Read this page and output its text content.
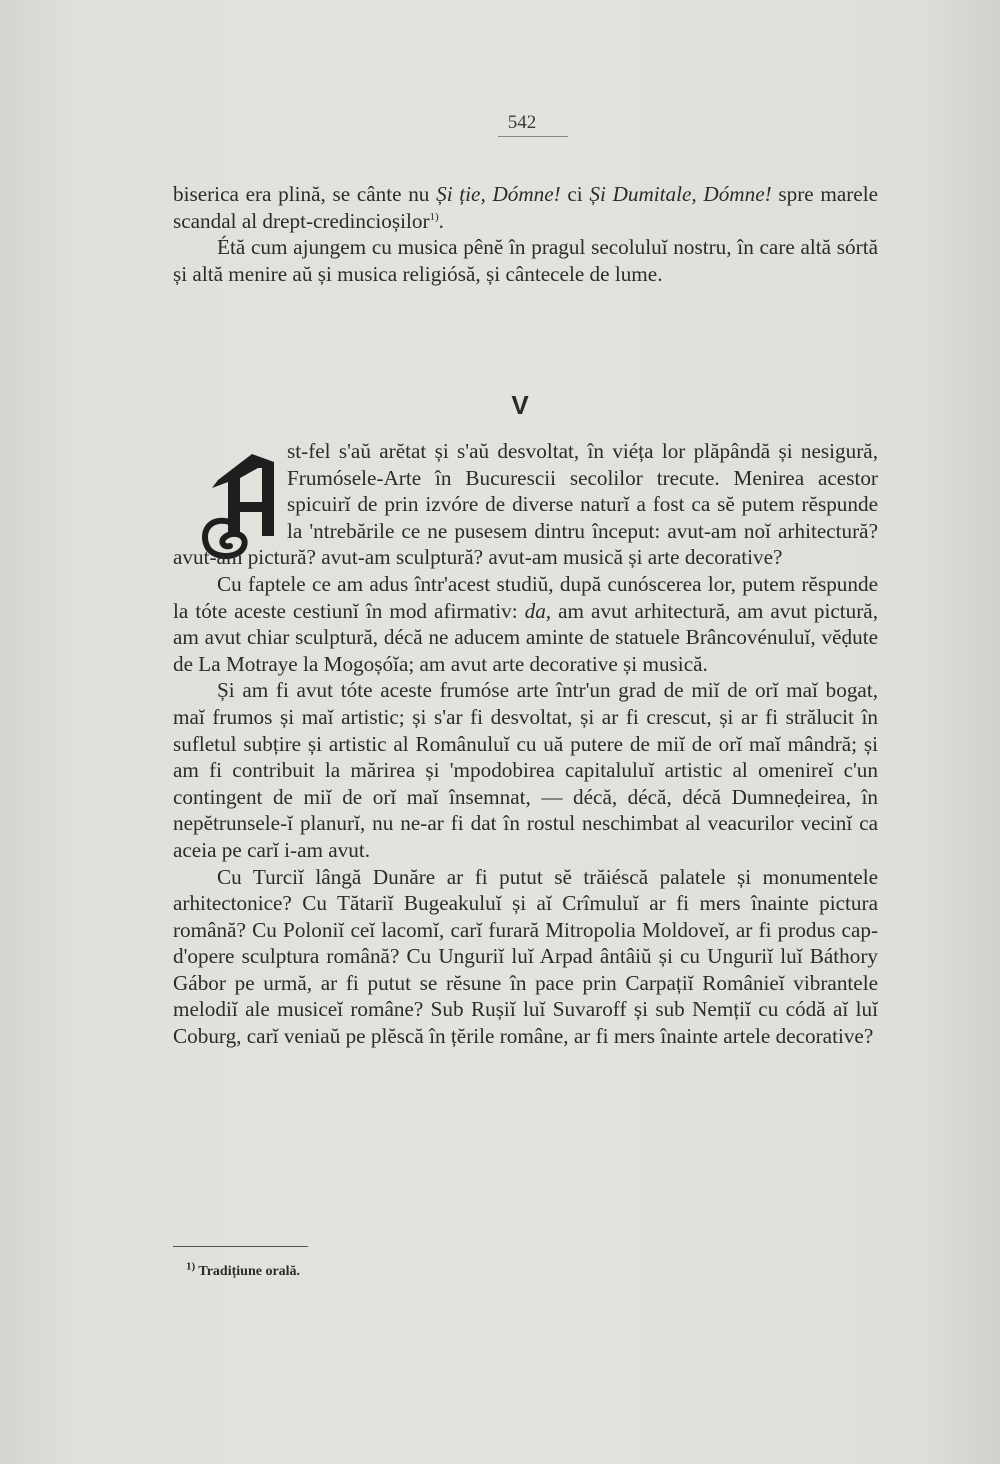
542

biserica era plină, se cânte nu Și ție, Dómne! ci Și Dumitale, Dómne! spre marele scandal al drept-credincioșilor$^{1)}$.

Étă cum ajungem cu musica pênĕ în pragul secoluluĭ nostru, în care altă sórtă și altă menire aŭ și musica religiósă, și cântecele de lume.

V

st-fel s'aŭ arĕtat și s'aŭ desvoltat, în viéța lor plăpândă și nesigură, Frumósele-Arte în Bucurescii secolilor trecute. Menirea acestor spicuirĭ de prin izvóre de diverse naturĭ a fost ca sĕ putem rĕspunde la 'ntrebările ce ne pusesem dintru început: avut-am noĭ arhitectură? avut-am pictură? avut-am sculptură? avut-am musică și arte decorative?

Cu faptele ce am adus într'acest studiŭ, după cunóscerea lor, putem rĕspunde la tóte aceste cestiunĭ în mod afirmativ: da, am avut arhitectură, am avut pictură, am avut chiar sculptură, décă ne aducem aminte de statuele Brâncovénuluĭ, vĕḍute de La Motraye la Mogoșóĭa; am avut arte decorative și musică.

Și am fi avut tóte aceste frumóse arte într'un grad de miĭ de orĭ maĭ bogat, maĭ frumos și maĭ artistic; și s'ar fi desvoltat, și ar fi crescut, și ar fi strălucit în sufletul subțire și artistic al Românuluĭ cu uă putere de miĭ de orĭ maĭ mândră; și am fi contribuit la mărirea și 'mpodobirea capitaluluĭ artistic al omenireĭ c'un contingent de miĭ de orĭ maĭ însemnat, — décă, décă, décă Dumneḍeirea, în nepĕtrunsele-ĭ planurĭ, nu ne-ar fi dat în rostul neschimbat al veacurilor vecinĭ ca aceia pe carĭ i-am avut.

Cu Turciĭ lângă Dunăre ar fi putut sĕ trăiéscă palatele și monumentele arhitectonice? Cu Tătariĭ Bugeakuluĭ și aĭ Crîmuluĭ ar fi mers înainte pictura română? Cu Poloniĭ ceĭ lacomĭ, carĭ furară Mitropolia Moldoveĭ, ar fi produs cap-d'opere sculptura română? Cu Unguriĭ luĭ Arpad ântâiŭ și cu Unguriĭ luĭ Báthory Gábor pe urmă, ar fi putut se rĕsune în pace prin Carpațiĭ Românieĭ vibrantele melodiĭ ale musiceĭ române? Sub Rușiĭ luĭ Suvaroff și sub Nemțiĭ cu códă aĭ luĭ Coburg, carĭ veniaŭ pe plĕscă în țĕrile române, ar fi mers înainte artele decorative?

$^{1)}$ Tradițiune orală.
